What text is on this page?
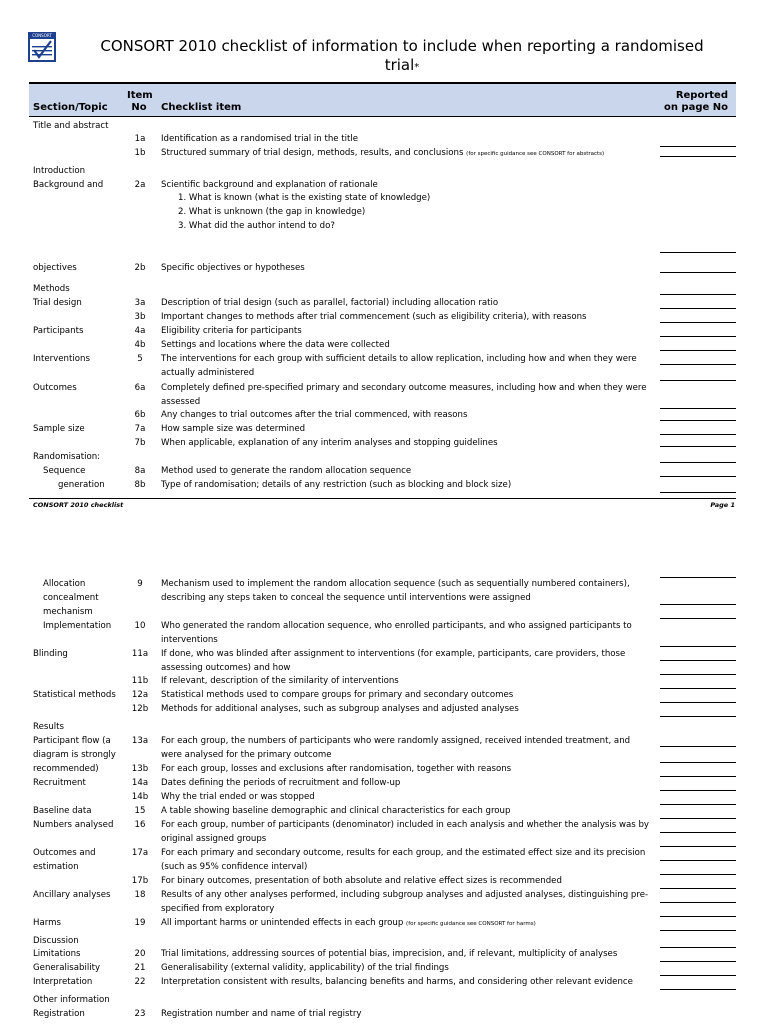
CONSORT
CONSORT 2010 checklist of information to include when reporting a randomised
trial*
Section/Topic
Item
No	Checklist item
Reported
on page No
Title and abstract
1a	Identification as a randomised trial in the title
1b	Structured summary of trial design, methods, results, and conclusions (for specific guidance see CONSORT for abstracts)
Introduction
Background and	2a	Scientific background and explanation of rationale
1. What is known (what is the existing state of knowledge)
2. What is unknown (the gap in knowledge)
3. What did the author intend to do?
objectives	2b	Specific objectives or hypotheses
Methods
Trial design	3a	Description of trial design (such as parallel, factorial) including allocation ratio
3b	Important changes to methods after trial commencement (such as eligibility criteria), with reasons
Participants	4a	Eligibility criteria for participants
4b	Settings and locations where the data were collected
Interventions	5	The interventions for each group with sufficient details to allow replication, including how and when they were actually administered
Outcomes	6a	Completely defined pre-specified primary and secondary outcome measures, including how and when they were assessed
6b	Any changes to trial outcomes after the trial commenced, with reasons
Sample size	7a	How sample size was determined
7b	When applicable, explanation of any interim analyses and stopping guidelines
Randomisation:
Sequence	8a	Method used to generate the random allocation sequence
generation	8b	Type of randomisation; details of any restriction (such as blocking and block size)
Allocation
concealment
mechanism
9	Mechanism used to implement the random allocation sequence (such as sequentially numbered containers), describing any steps taken to conceal the sequence until interventions were assigned
Implementation	10	Who generated the random allocation sequence, who enrolled participants, and who assigned participants to interventions
Blinding	11a	If done, who was blinded after assignment to interventions (for example, participants, care providers, those assessing outcomes) and how
11b	If relevant, description of the similarity of interventions
Statistical methods	12a	Statistical methods used to compare groups for primary and secondary outcomes
12b	Methods for additional analyses, such as subgroup analyses and adjusted analyses
Results
Participant flow (a
diagram is strongly
recommended)
13a	For each group, the numbers of participants who were randomly assigned, received intended treatment, and were analysed for the primary outcome
13b	For each group, losses and exclusions after randomisation, together with reasons
Recruitment	14a	Dates defining the periods of recruitment and follow-up
14b	Why the trial ended or was stopped
Baseline data	15	A table showing baseline demographic and clinical characteristics for each group
Numbers analysed	16	For each group, number of participants (denominator) included in each analysis and whether the analysis was by original assigned groups
Outcomes and
estimation
17a	For each primary and secondary outcome, results for each group, and the estimated effect size and its precision (such as 95% confidence interval)
17b	For binary outcomes, presentation of both absolute and relative effect sizes is recommended
Ancillary analyses	18	Results of any other analyses performed, including subgroup analyses and adjusted analyses, distinguishing pre-specified from exploratory
Harms	19	All important harms or unintended effects in each group (for specific guidance see CONSORT for harms)
Discussion
Limitations	20	Trial limitations, addressing sources of potential bias, imprecision, and, if relevant, multiplicity of analyses
Generalisability	21	Generalisability (external validity, applicability) of the trial findings
Interpretation	22	Interpretation consistent with results, balancing benefits and harms, and considering other relevant evidence
Other information
Registration	23	Registration number and name of trial registry
CONSORT 2010 checklist	Page 1
